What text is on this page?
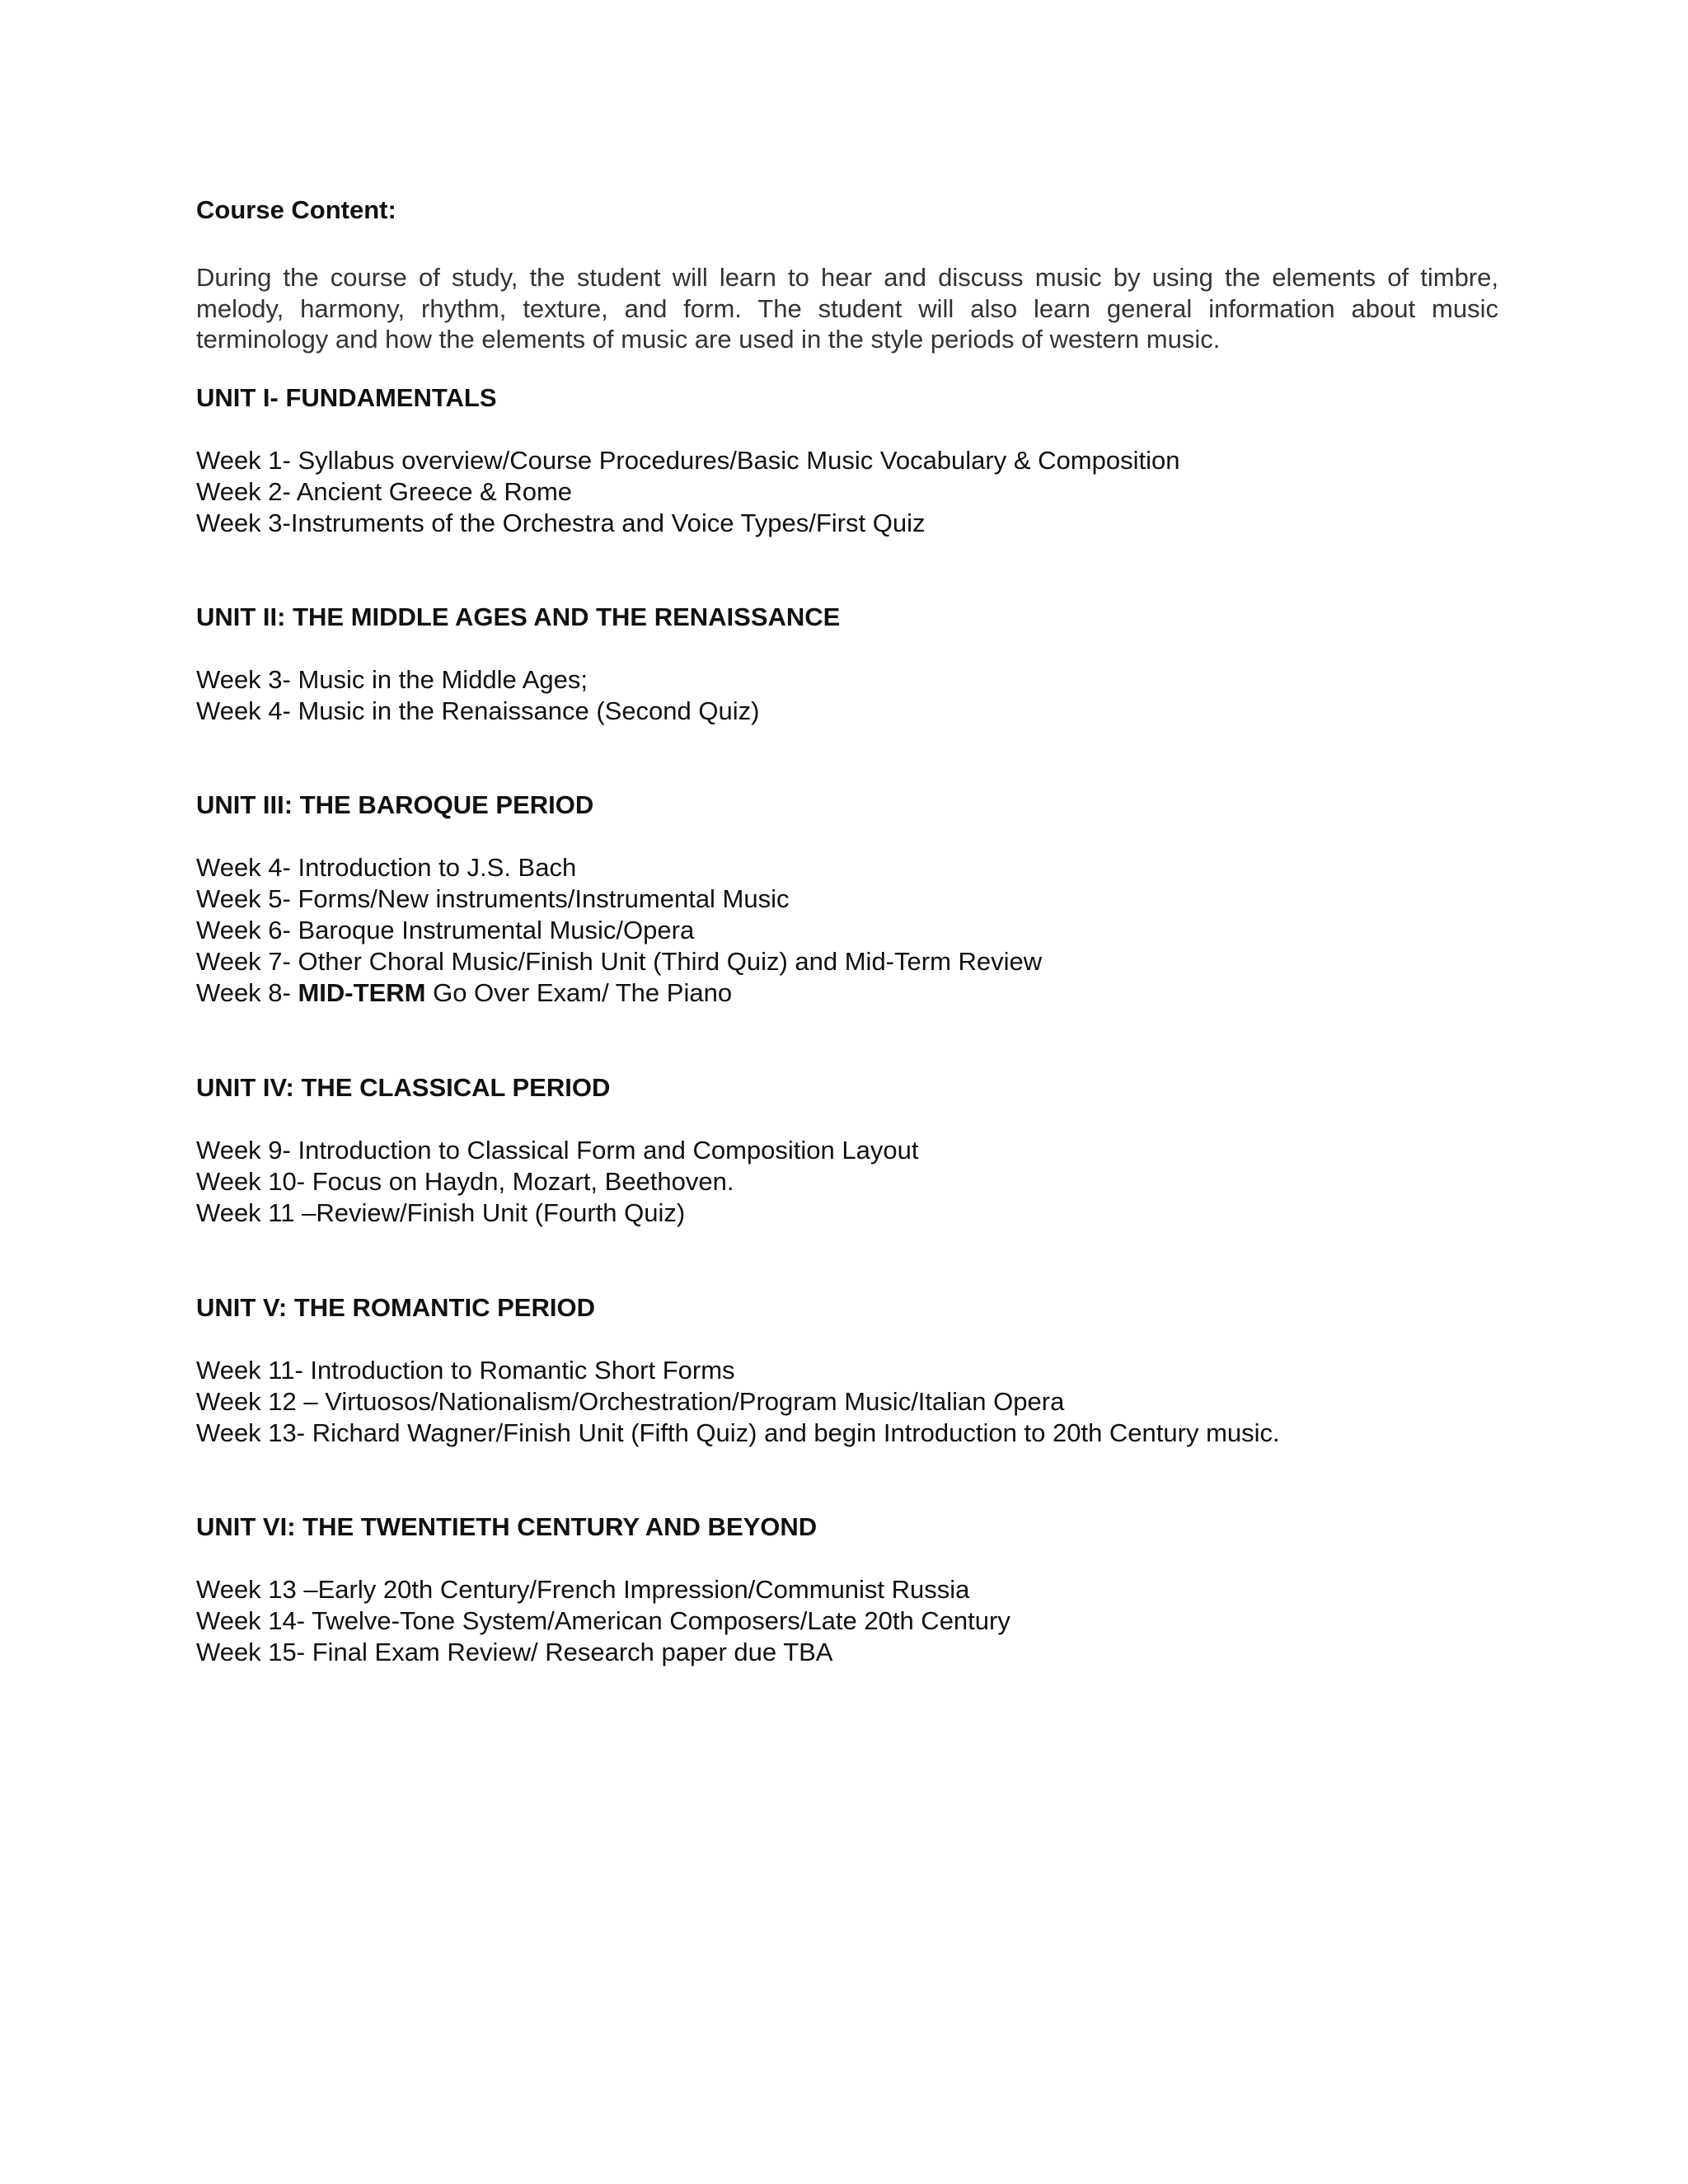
Course Content:

During the course of study, the student will learn to hear and discuss music by using the elements of timbre, melody, harmony, rhythm, texture, and form. The student will also learn general information about music terminology and how the elements of music are used in the style periods of western music.

UNIT I- FUNDAMENTALS
Week 1- Syllabus overview/Course Procedures/Basic Music Vocabulary & Composition
Week 2- Ancient Greece & Rome
Week 3-Instruments of the Orchestra and Voice Types/First Quiz
UNIT II: THE MIDDLE AGES AND THE RENAISSANCE
Week 3- Music in the Middle Ages;
Week 4- Music in the Renaissance (Second Quiz)
UNIT III: THE BAROQUE PERIOD
Week 4- Introduction to J.S. Bach
Week 5- Forms/New instruments/Instrumental Music
Week 6- Baroque Instrumental Music/Opera
Week 7- Other Choral Music/Finish Unit (Third Quiz) and Mid-Term Review
Week 8- MID-TERM Go Over Exam/ The Piano
UNIT IV: THE CLASSICAL PERIOD
Week 9- Introduction to Classical Form and Composition Layout
Week 10- Focus on Haydn, Mozart, Beethoven.
Week 11 –Review/Finish Unit (Fourth Quiz)
UNIT V: THE ROMANTIC PERIOD
Week 11- Introduction to Romantic Short Forms
Week 12 – Virtuosos/Nationalism/Orchestration/Program Music/Italian Opera
Week 13- Richard Wagner/Finish Unit (Fifth Quiz) and begin Introduction to 20th Century music.
UNIT VI: THE TWENTIETH CENTURY AND BEYOND
Week 13 –Early 20th Century/French Impression/Communist Russia
Week 14- Twelve-Tone System/American Composers/Late 20th Century
Week 15- Final Exam Review/ Research paper due TBA
